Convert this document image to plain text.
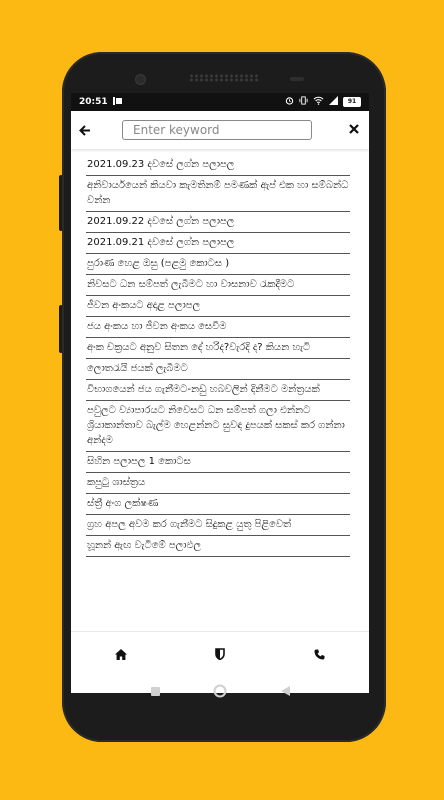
20:51	91
Enter keyword
2021.09.23 දවසේ ලග්න පලාපල
අනිවාර්යයෙන් කියවා කැමතිනම් පමණක් ඇප් එක හා සම්බන්ධ වන්න
2021.09.22 දවසේ ලග්න පලාපල
2021.09.21 දවසේ ලග්න පලාපල
පුරාණ හෙළ ඔසු (පළමු කොටස )
නිවසට ධන සම්පත් ලැබීමට හා වාසනාව රැකදීමට
ජීවන අංකයට අදාළ පලාපල
ජය අංකය හා ජීවන අංකය සෙවීම
අංක චක්‍රයට අනුව සිතන දේ හරිද?වැරදි ද? කියන හැටි
ලොතරැයි ජයක් ලැබීමට
විභාගයෙන් ජය ගැනීමට-නඩු හබවලින් දිනීමට මන්ත්‍රයක්
පවුලට ව්‍යාපාරයට නිවෙසට ධන සම්පත් ගලා එන්නට ශ්‍රියාකාන්තාව බැල්ම හෙළන්නට සුවඳ දුපයක් සකස් කර ගන්නා අන්දම
සිහින පලාපල 1 කොටස
කපුටු ශාස්ත්‍රය
ස්ත්‍රී අංග ලක්ෂණ
ග්‍රහ අපල අවම කර ගැනීමට සිදුකළ යුතු පිළිවෙත්
හූනන් ඇඟ වැටීමේ පලාඵල
